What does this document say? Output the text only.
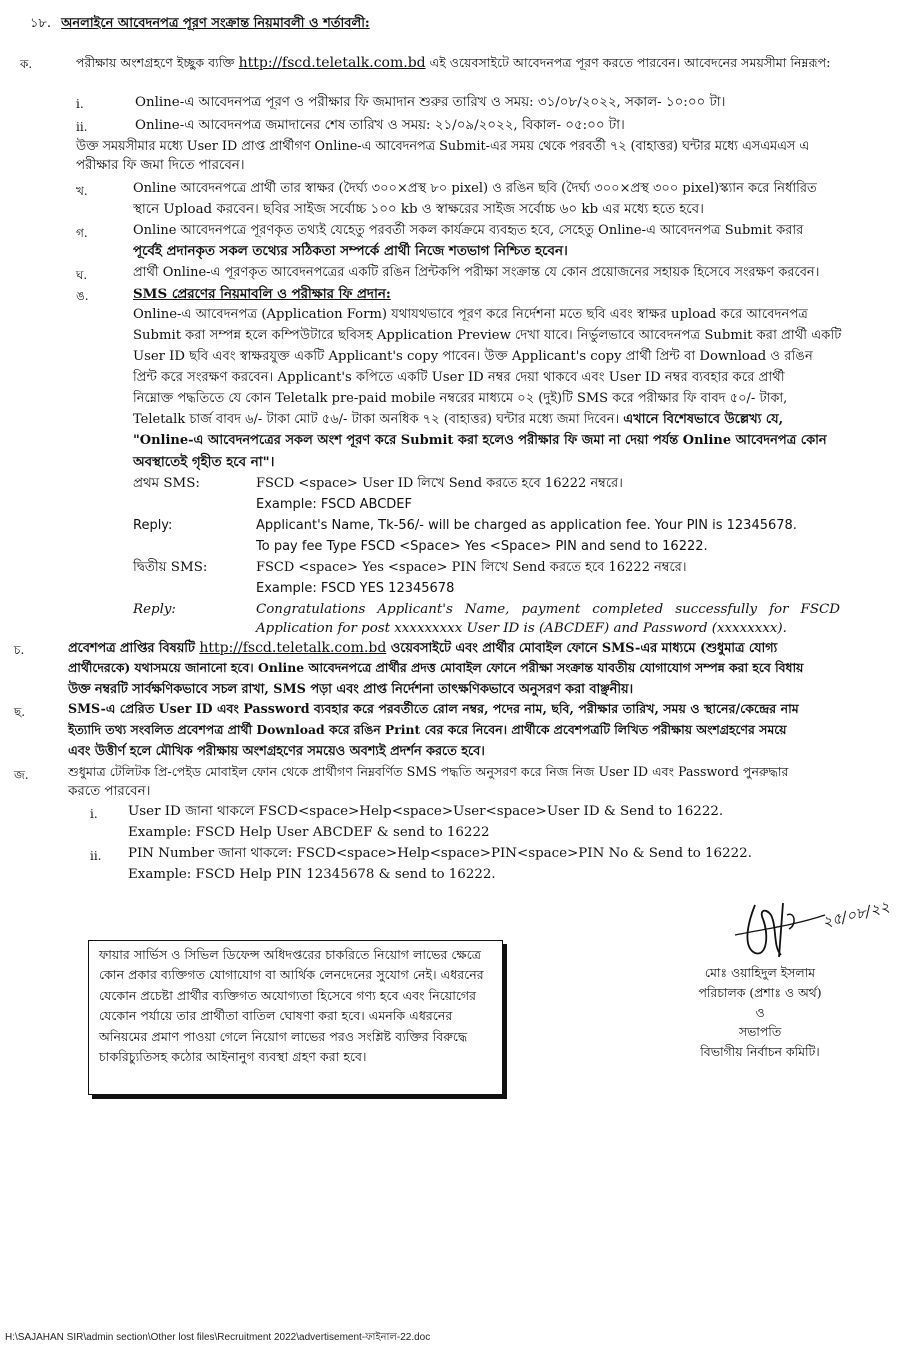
১৮. অনলাইনে আবেদনপত্র পূরণ সংক্রান্ত নিয়মাবলী ও শর্তাবলী:
ক.	পরীক্ষায় অংশগ্রহণে ইচ্ছুক ব্যক্তি http://fscd.teletalk.com.bd এই ওয়েবসাইটে আবেদনপত্র পূরণ করতে পারবেন। আবেদনের সময়সীমা নিম্নরূপ:
i.	Online-এ আবেদনপত্র পূরণ ও পরীক্ষার ফি জমাদান শুরুর তারিখ ও সময়: ৩১/০৮/২০২২, সকাল- ১০:০০ টা।
ii.	Online-এ আবেদনপত্র জমাদানের শেষ তারিখ ও সময়: ২১/০৯/২০২২, বিকাল- ০৫:০০ টা।
উক্ত সময়সীমার মধ্যে User ID প্রাপ্ত প্রার্থীগণ Online-এ আবেদনপত্র Submit-এর সময় থেকে পরবর্তী ৭২ (বাহাত্তর) ঘন্টার মধ্যে এসএমএস এ
পরীক্ষার ফি জমা দিতে পারবেন।
খ.	Online আবেদনপত্রে প্রার্থী তার স্বাক্ষর (দৈর্ঘ্য ৩০০×প্রস্থ ৮০ pixel) ও রঙিন ছবি (দৈর্ঘ্য ৩০০×প্রস্থ ৩০০ pixel)স্ক্যান করে নির্ধারিত
স্থানে Upload করবেন। ছবির সাইজ সর্বোচ্চ ১০০ kb ও স্বাক্ষরের সাইজ সর্বোচ্চ ৬০ kb এর মধ্যে হতে হবে।
গ.	Online আবেদনপত্রে পূরণকৃত তথ্যই যেহেতু পরবর্তী সকল কার্যক্রমে ব্যবহৃত হবে, সেহেতু Online-এ আবেদনপত্র Submit করার
পূর্বেই প্রদানকৃত সকল তথ্যের সঠিকতা সম্পর্কে প্রার্থী নিজে শতভাগ নিশ্চিত হবেন।
ঘ.	প্রার্থী Online-এ পূরণকৃত আবেদনপত্রের একটি রঙিন প্রিন্টকপি পরীক্ষা সংক্রান্ত যে কোন প্রয়োজনের সহায়ক হিসেবে সংরক্ষণ করবেন।
ঙ.	SMS প্রেরণের নিয়মাবলি ও পরীক্ষার ফি প্রদান:
Online-এ আবেদনপত্র (Application Form) যথাযথভাবে পূরণ করে নির্দেশনা মতে ছবি এবং স্বাক্ষর upload করে আবেদনপত্র
Submit করা সম্পন্ন হলে কম্পিউটারে ছবিসহ Application Preview দেখা যাবে। নির্ভুলভাবে আবেদনপত্র Submit করা প্রার্থী একটি
User ID ছবি এবং স্বাক্ষরযুক্ত একটি Applicant's copy পাবেন। উক্ত Applicant's copy প্রার্থী প্রিন্ট বা Download ও রঙিন
প্রিন্ট করে সংরক্ষণ করবেন। Applicant's কপিতে একটি User ID নম্বর দেয়া থাকবে এবং User ID নম্বর ব্যবহার করে প্রার্থী
নিম্নোক্ত পদ্ধতিতে যে কোন Teletalk pre-paid mobile নম্বরের মাধ্যমে ০২ (দুই)টি SMS করে পরীক্ষার ফি বাবদ ৫০/- টাকা,
Teletalk চার্জ বাবদ ৬/- টাকা মোট ৫৬/- টাকা অনধিক ৭২ (বাহাত্তর) ঘন্টার মধ্যে জমা দিবেন। এখানে বিশেষভাবে উল্লেখ্য যে,
"Online-এ আবেদনপত্রের সকল অংশ পূরণ করে Submit করা হলেও পরীক্ষার ফি জমা না দেয়া পর্যন্ত Online আবেদনপত্র কোন
অবস্থাতেই গৃহীত হবে না"।
প্রথম SMS:	FSCD <space> User ID লিখে Send করতে হবে 16222 নম্বরে।
Example: FSCD ABCDEF
Reply:	Applicant's Name, Tk-56/- will be charged as application fee. Your PIN is 12345678.
To pay fee Type FSCD <Space> Yes <Space> PIN and send to 16222.
দ্বিতীয় SMS:	FSCD <space> Yes <space> PIN লিখে Send করতে হবে 16222 নম্বরে।
Example: FSCD YES 12345678
Reply:	Congratulations Applicant's Name, payment completed successfully for FSCD
Application for post xxxxxxxxx User ID is (ABCDEF) and Password (xxxxxxxx).
চ.	প্রবেশপত্র প্রাপ্তির বিষয়টি http://fscd.teletalk.com.bd ওয়েবসাইটে এবং প্রার্থীর মোবাইল ফোনে SMS-এর মাধ্যমে (শুধুমাত্র যোগ্য
প্রার্থীদেরকে) যথাসময়ে জানানো হবে। Online আবেদনপত্রে প্রার্থীর প্রদত্ত মোবাইল ফোনে পরীক্ষা সংক্রান্ত যাবতীয় যোগাযোগ সম্পন্ন করা হবে বিধায়
উক্ত নম্বরটি সার্বক্ষণিকভাবে সচল রাখা, SMS পড়া এবং প্রাপ্ত নির্দেশনা তাৎক্ষণিকভাবে অনুসরণ করা বাঞ্ছনীয়।
ছ.	SMS-এ প্রেরিত User ID এবং Password ব্যবহার করে পরবর্তীতে রোল নম্বর, পদের নাম, ছবি, পরীক্ষার তারিখ, সময় ও স্থানের/কেন্দ্রের নাম
ইত্যাদি তথ্য সংবলিত প্রবেশপত্র প্রার্থী Download করে রঙিন Print বের করে নিবেন। প্রার্থীকে প্রবেশপত্রটি লিখিত পরীক্ষায় অংশগ্রহণের সময়ে
এবং উত্তীর্ণ হলে মৌখিক পরীক্ষায় অংশগ্রহণের সময়েও অবশ্যই প্রদর্শন করতে হবে।
জ.	শুধুমাত্র টেলিটক প্রি-পেইড মোবাইল ফোন থেকে প্রার্থীগণ নিম্নবর্ণিত SMS পদ্ধতি অনুসরণ করে নিজ নিজ User ID এবং Password পুনরুদ্ধার
করতে পারবেন।
i. User ID জানা থাকলে FSCD<space>Help<space>User<space>User ID & Send to 16222.
Example: FSCD Help User ABCDEF & send to 16222
ii. PIN Number জানা থাকলে: FSCD<space>Help<space>PIN<space>PIN No & Send to 16222.
Example: FSCD Help PIN 12345678 & send to 16222.
ফায়ার সার্ভিস ও সিভিল ডিফেন্স অধিদপ্তরের চাকরিতে নিয়োগ লাভের ক্ষেত্রে
কোন প্রকার ব্যক্তিগত যোগাযোগ বা আর্থিক লেনদেনের সুযোগ নেই। এধরনের
যেকোন প্রচেষ্টা প্রার্থীর ব্যক্তিগত অযোগ্যতা হিসেবে গণ্য হবে এবং নিয়োগের
যেকোন পর্যায়ে তার প্রার্থীতা বাতিল ঘোষণা করা হবে। এমনকি এধরনের
অনিয়মের প্রমাণ পাওয়া গেলে নিয়োগ লাভের পরও সংশ্লিষ্ট ব্যক্তির বিরুদ্ধে
চাকরিচ্যুতিসহ কঠোর আইনানুগ ব্যবস্থা গ্রহণ করা হবে।
২৫/০৮/২২
মোঃ ওয়াহিদুল ইসলাম
পরিচালক (প্রশাঃ ও অর্থ)
ও
সভাপতি
বিভাগীয় নির্বাচন কমিটি।
H:\SAJAHAN SIR\admin section\Other lost files\Recruitment 2022\advertisement-ফাইনাল-22.doc
